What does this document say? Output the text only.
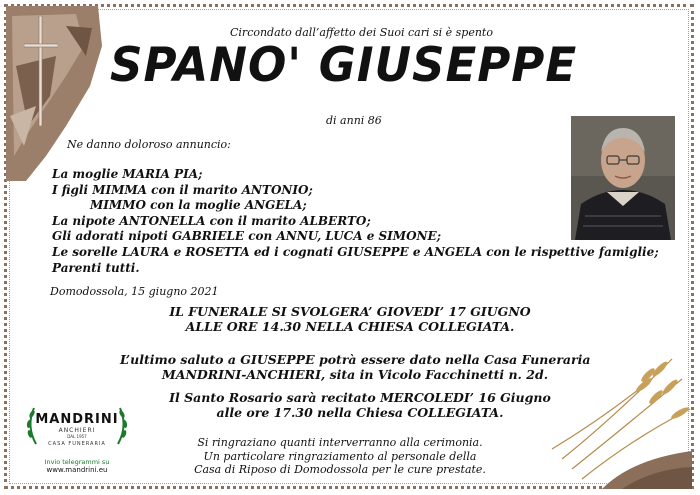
Circondato dall’affetto dei Suoi cari si è spento
SPANO' GIUSEPPE
di anni 86
Ne danno doloroso annuncio:
La moglie MARIA PIA;
I figli MIMMA con il marito ANTONIO;
MIMMO con la moglie ANGELA;
La nipote ANTONELLA con il marito ALBERTO;
Gli adorati nipoti GABRIELE con ANNU, LUCA e SIMONE;
Le sorelle LAURA e ROSETTA ed i cognati GIUSEPPE e ANGELA con le rispettive famiglie;
Parenti tutti.
Domodossola, 15 giugno 2021
IL FUNERALE SI SVOLGERA’ GIOVEDI’ 17 GIUGNO
ALLE ORE 14.30 NELLA CHIESA COLLEGIATA.
L’ultimo saluto a GIUSEPPE potrà essere dato nella Casa Funeraria
MANDRINI-ANCHIERI, sita in Vicolo Facchinetti n. 2d.
Il Santo Rosario sarà recitato MERCOLEDI’ 16 Giugno
alle ore 17.30 nella Chiesa COLLEGIATA.
Si ringraziano quanti interverranno alla cerimonia.
Un particolare ringraziamento al personale della
Casa di Riposo di Domodossola per le cure prestate.
MANDRINI
ANCHIERI
DAL 1957
CASA FUNERARIA
Invio telegrammi su
www.mandrini.eu
